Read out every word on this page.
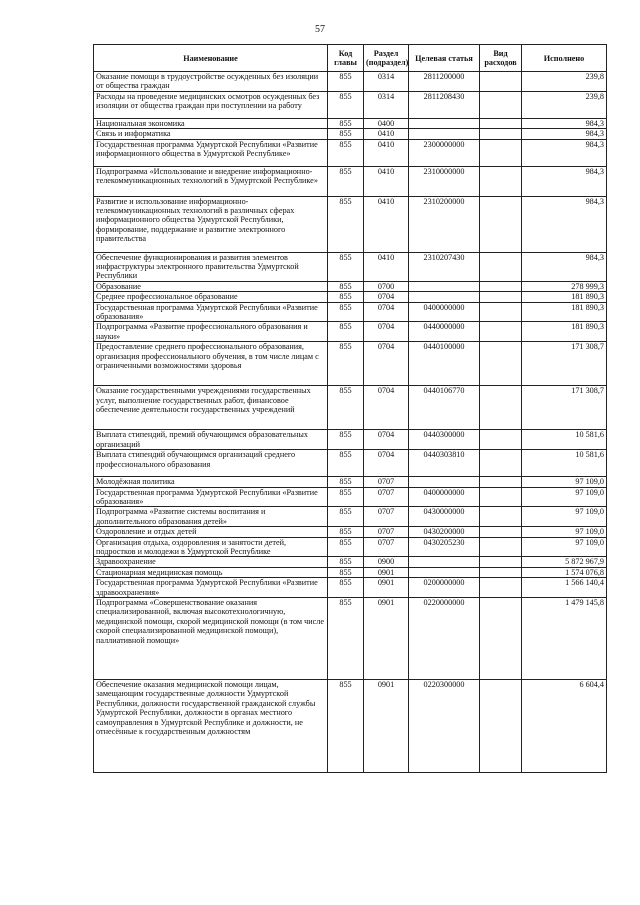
57
Наименование	Код главы	Раздел (подраздел)	Целевая статья	Вид расходов	Исполнено
Оказание помощи в трудоустройстве осужденных без изоляции от общества граждан	855	0314	2811200000		239,8
Расходы на проведение медицинских осмотров осужденных без изоляции от общества граждан при поступлении на работу	855	0314	2811208430		239,8
Национальная экономика	855	0400			984,3
Связь и информатика	855	0410			984,3
Государственная программа Удмуртской Республики «Развитие информационного общества в Удмуртской Республике»	855	0410	2300000000		984,3
Подпрограмма «Использование и внедрение информационно-телекоммуникационных технологий в Удмуртской Республике»	855	0410	2310000000		984,3
Развитие и использование информационно-телекоммуникационных технологий в различных сферах информационного общества Удмуртской Республики, формирование, поддержание и развитие электронного правительства	855	0410	2310200000		984,3
Обеспечение функционирования и развития элементов инфраструктуры электронного правительства Удмуртской Республики	855	0410	2310207430		984,3
Образование	855	0700			278 999,3
Среднее профессиональное образование	855	0704			181 890,3
Государственная программа Удмуртской Республики «Развитие образования»	855	0704	0400000000		181 890,3
Подпрограмма «Развитие профессионального образования и науки»	855	0704	0440000000		181 890,3
Предоставление среднего профессионального образования, организация профессионального обучения, в том числе лицам с ограниченными возможностями здоровья	855	0704	0440100000		171 308,7
Оказание государственными учреждениями государственных услуг, выполнение государственных работ, финансовое обеспечение деятельности государственных учреждений	855	0704	0440106770		171 308,7
Выплата стипендий, премий обучающимся образовательных организаций	855	0704	0440300000		10 581,6
Выплата стипендий обучающимся организаций среднего профессионального образования	855	0704	0440303810		10 581,6
Молодёжная политика	855	0707			97 109,0
Государственная программа Удмуртской Республики «Развитие образования»	855	0707	0400000000		97 109,0
Подпрограмма «Развитие системы воспитания и дополнительного образования детей»	855	0707	0430000000		97 109,0
Оздоровление и отдых детей	855	0707	0430200000		97 109,0
Организация отдыха, оздоровления и занятости детей, подростков и молодежи в Удмуртской Республике	855	0707	0430205230		97 109,0
Здравоохранение	855	0900			5 872 967,9
Стационарная медицинская помощь	855	0901			1 574 076,8
Государственная программа Удмуртской Республики «Развитие здравоохранения»	855	0901	0200000000		1 566 140,4
Подпрограмма «Совершенствование оказания специализированной, включая высокотехнологичную, медицинской помощи, скорой медицинской помощи (в том числе скорой специализированной медицинской помощи), паллиативной помощи»	855	0901	0220000000		1 479 145,8
Обеспечение оказания медицинской помощи лицам, замещающим государственные должности Удмуртской Республики, должности государственной гражданской службы Удмуртской Республики, должности в органах местного самоуправления в Удмуртской Республике и должности, не отнесённые к государственным должностям	855	0901	0220300000		6 604,4
